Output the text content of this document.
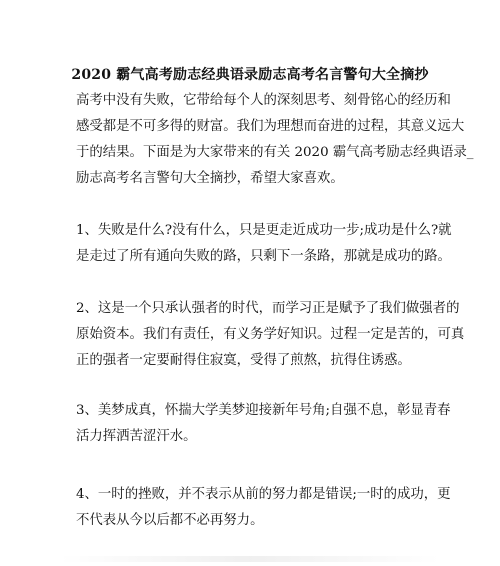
2020 霸气高考励志经典语录励志高考名言警句大全摘抄

高考中没有失败，它带给每个人的深刻思考、刻骨铭心的经历和
感受都是不可多得的财富。我们为理想而奋进的过程，其意义远大
于的结果。下面是为大家带来的有关 2020 霸气高考励志经典语录_
励志高考名言警句大全摘抄，希望大家喜欢。

1、失败是什么?没有什么，只是更走近成功一步;成功是什么?就
是走过了所有通向失败的路，只剩下一条路，那就是成功的路。

2、这是一个只承认强者的时代，而学习正是赋予了我们做强者的
原始资本。我们有责任，有义务学好知识。过程一定是苦的，可真
正的强者一定要耐得住寂寞，受得了煎熬，抗得住诱惑。

3、美梦成真，怀揣大学美梦迎接新年号角;自强不息，彰显青春
活力挥洒苦涩汗水。

4、一时的挫败，并不表示从前的努力都是错误;一时的成功，更
不代表从今以后都不必再努力。
